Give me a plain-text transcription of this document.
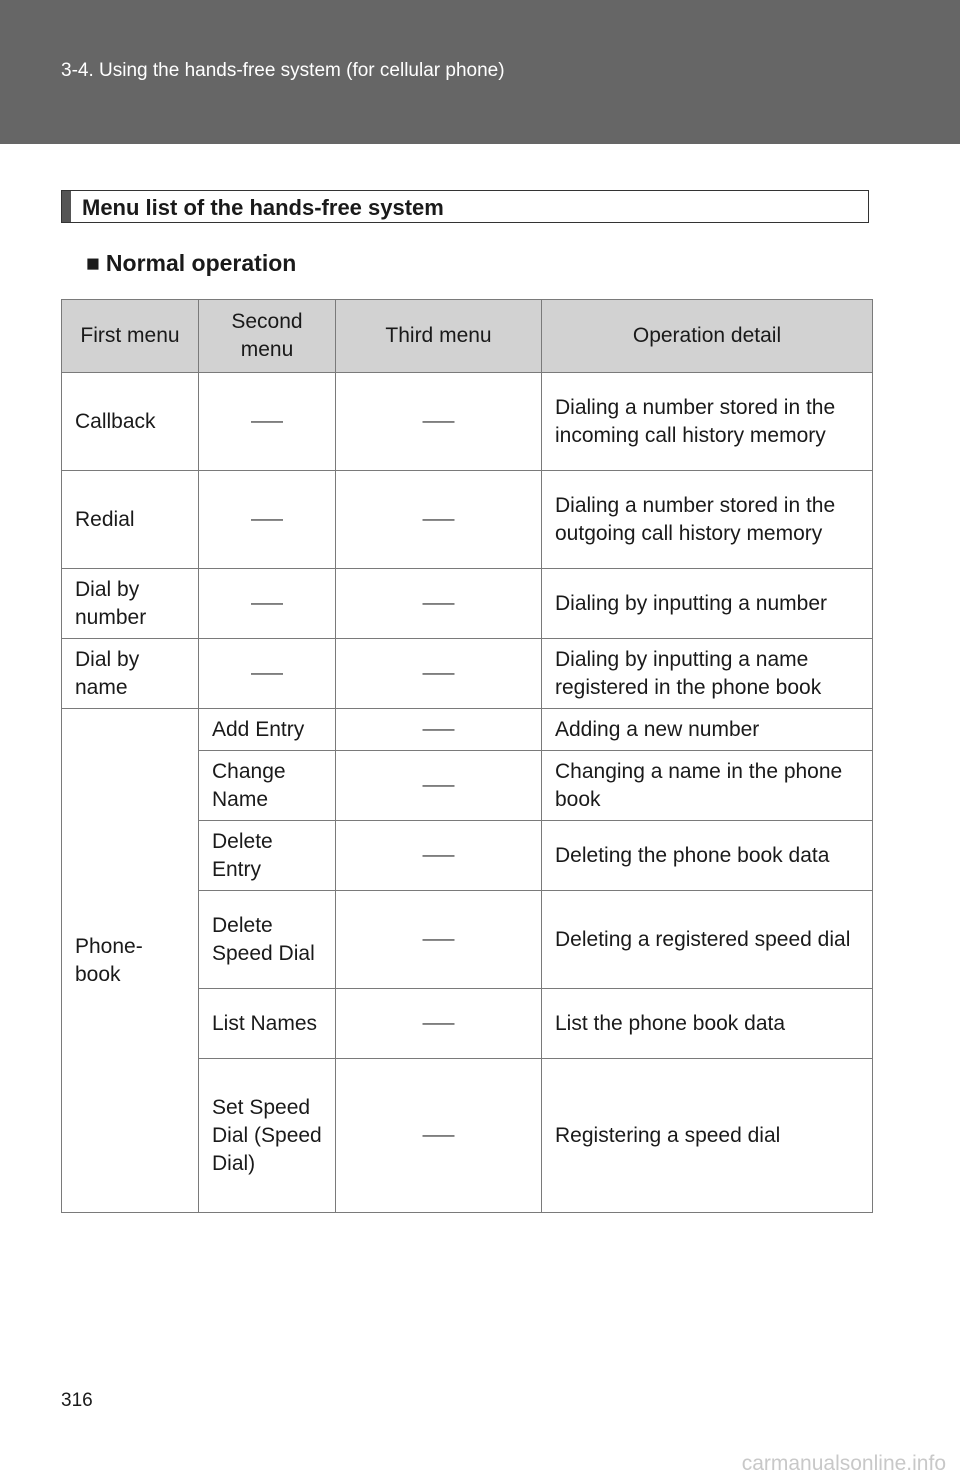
3-4. Using the hands-free system (for cellular phone)
Menu list of the hands-free system
■ Normal operation
First menu	Second menu	Third menu	Operation detail
Callback	——	——	Dialing a number stored in the incoming call history memory
Redial	——	——	Dialing a number stored in the outgoing call history memory
Dial by number	——	——	Dialing by inputting a number
Dial by name	——	——	Dialing by inputting a name registered in the phone book
Phone-book	Add Entry	——	Adding a new number
	Change Name	——	Changing a name in the phone book
	Delete Entry	——	Deleting the phone book data
	Delete Speed Dial	——	Deleting a registered speed dial
	List Names	——	List the phone book data
	Set Speed Dial (Speed Dial)	——	Registering a speed dial
316
carmanualsonline.info
